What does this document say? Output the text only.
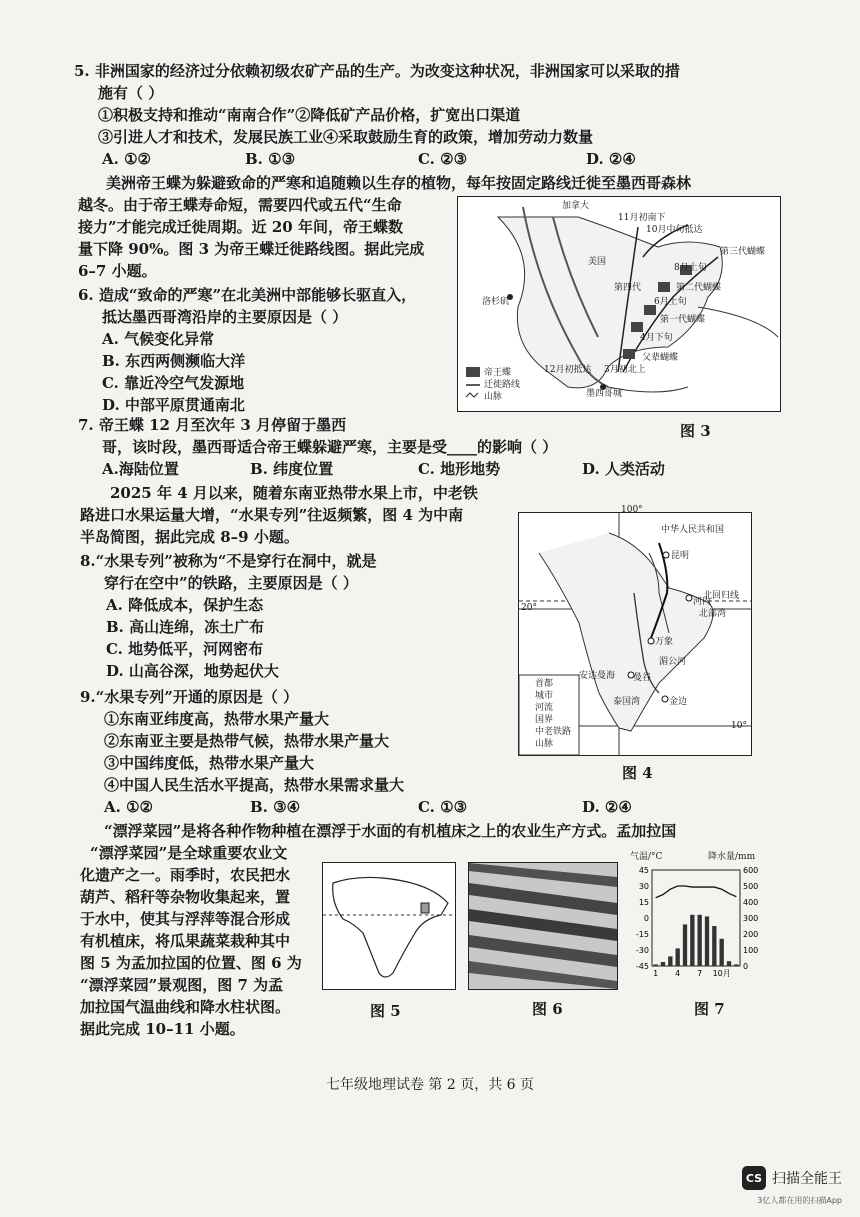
5. 非洲国家的经济过分依赖初级农矿产品的生产。为改变这种状况，非洲国家可以采取的措
施有（ ）
①积极支持和推动“南南合作”②降低矿产品价格，扩宽出口渠道
③引进人才和技术，发展民族工业④采取鼓励生育的政策，增加劳动力数量
A. ①②	B. ①③	C. ②③	D. ②④
美洲帝王蝶为躲避致命的严寒和追随赖以生存的植物，每年按固定路线迁徙至墨西哥森林
越冬。由于帝王蝶寿命短，需要四代或五代“生命
接力”才能完成迁徙周期。近 20 年间，帝王蝶数
量下降 90%。图 3 为帝王蝶迁徙路线图。据此完成
6–7 小题。
6. 造成“致命的严寒”在北美洲中部能够长驱直入，
抵达墨西哥湾沿岸的主要原因是（ ）
A. 气候变化异常
B. 东西两侧濒临大洋
C. 靠近冷空气发源地
D. 中部平原贯通南北
加拿大
11月初南下
10月中旬抵达
第三代蝴蝶
美国
8月上旬
第四代	第二代蝴蝶
洛杉矶	6月上旬
第一代蝴蝶
4月下旬
父辈蝴蝶
12月初抵达 3月初北上
墨西哥城
帝王蝶
迁徙路线
山脉
图 3
7. 帝王蝶 12 月至次年 3 月停留于墨西
哥，该时段，墨西哥适合帝王蝶躲避严寒，主要是受____的影响（ ）
A.海陆位置	B. 纬度位置	C. 地形地势	D. 人类活动
2025 年 4 月以来，随着东南亚热带水果上市，中老铁
路进口水果运量大增，“水果专列”往返频繁，图 4 为中南
半岛简图，据此完成 8–9 小题。
8.“水果专列”被称为“不是穿行在洞中，就是
穿行在空中”的铁路，主要原因是（ ）
A. 降低成本，保护生态
B. 高山连绵，冻土广布
C. 地势低平，河网密布
D. 山高谷深，地势起伏大
9.“水果专列”开通的原因是（ ）
①东南亚纬度高，热带水果产量大
②东南亚主要是热带气候，热带水果产量大
③中国纬度低，热带水果产量大
④中国人民生活水平提高，热带水果需求量大
A. ①②	B. ③④	C. ①③	D. ②④
100°
中华人民共和国
昆明
北回归线
20°
河内
北部湾
万象
湄公河
安达曼海 曼谷
泰国湾	金边
10°
首都
城市
河流
国界
中老铁路
山脉
图 4
“漂浮菜园”是将各种作物种植在漂浮于水面的有机植床之上的农业生产方式。孟加拉国
“漂浮菜园”是全球重要农业文
化遗产之一。雨季时，农民把水
葫芦、稻秆等杂物收集起来，置
于水中，使其与浮萍等混合形成
有机植床，将瓜果蔬菜栽种其中
图 5 为孟加拉国的位置、图 6 为
“漂浮菜园”景观图，图 7 为孟
加拉国气温曲线和降水柱状图。
据此完成 10–11 小题。
图 5	图 6
气温/°C	降水量/mm
45
30
15
0
-15
-30
-45
600
500
400
300
200
100
0
1 4 7 10月
图 7
七年级地理试卷 第 2 页，共 6 页
CS 扫描全能王
3亿人都在用的扫描App
